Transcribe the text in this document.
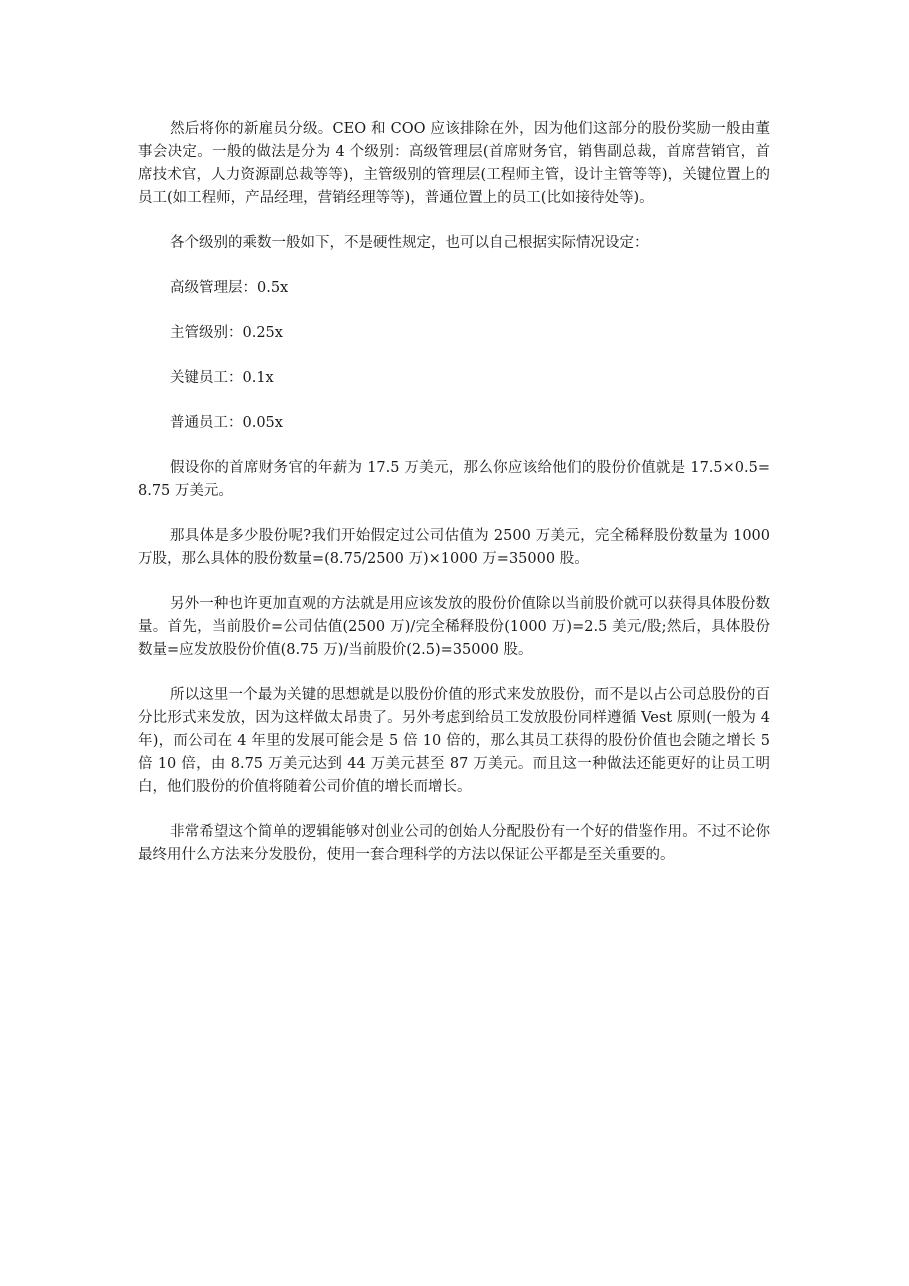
然后将你的新雇员分级。CEO 和 COO 应该排除在外，因为他们这部分的股份奖励一般由董事会决定。一般的做法是分为 4 个级别：高级管理层(首席财务官，销售副总裁，首席营销官，首席技术官，人力资源副总裁等等)，主管级别的管理层(工程师主管，设计主管等等)，关键位置上的员工(如工程师，产品经理，营销经理等等)，普通位置上的员工(比如接待处等)。

各个级别的乘数一般如下，不是硬性规定，也可以自己根据实际情况设定：

高级管理层：0.5x

主管级别：0.25x

关键员工：0.1x

普通员工：0.05x

假设你的首席财务官的年薪为 17.5 万美元，那么你应该给他们的股份价值就是 17.5×0.5=8.75 万美元。

那具体是多少股份呢?我们开始假定过公司估值为 2500 万美元，完全稀释股份数量为 1000 万股，那么具体的股份数量=(8.75/2500 万)×1000 万=35000 股。

另外一种也许更加直观的方法就是用应该发放的股份价值除以当前股价就可以获得具体股份数量。首先，当前股价=公司估值(2500 万)/完全稀释股份(1000 万)=2.5 美元/股;然后，具体股份数量=应发放股份价值(8.75 万)/当前股价(2.5)=35000 股。

所以这里一个最为关键的思想就是以股份价值的形式来发放股份，而不是以占公司总股份的百分比形式来发放，因为这样做太昂贵了。另外考虑到给员工发放股份同样遵循 Vest 原则(一般为 4 年)，而公司在 4 年里的发展可能会是 5 倍 10 倍的，那么其员工获得的股份价值也会随之增长 5 倍 10 倍，由 8.75 万美元达到 44 万美元甚至 87 万美元。而且这一种做法还能更好的让员工明白，他们股份的价值将随着公司价值的增长而增长。

非常希望这个简单的逻辑能够对创业公司的创始人分配股份有一个好的借鉴作用。不过不论你最终用什么方法来分发股份，使用一套合理科学的方法以保证公平都是至关重要的。
